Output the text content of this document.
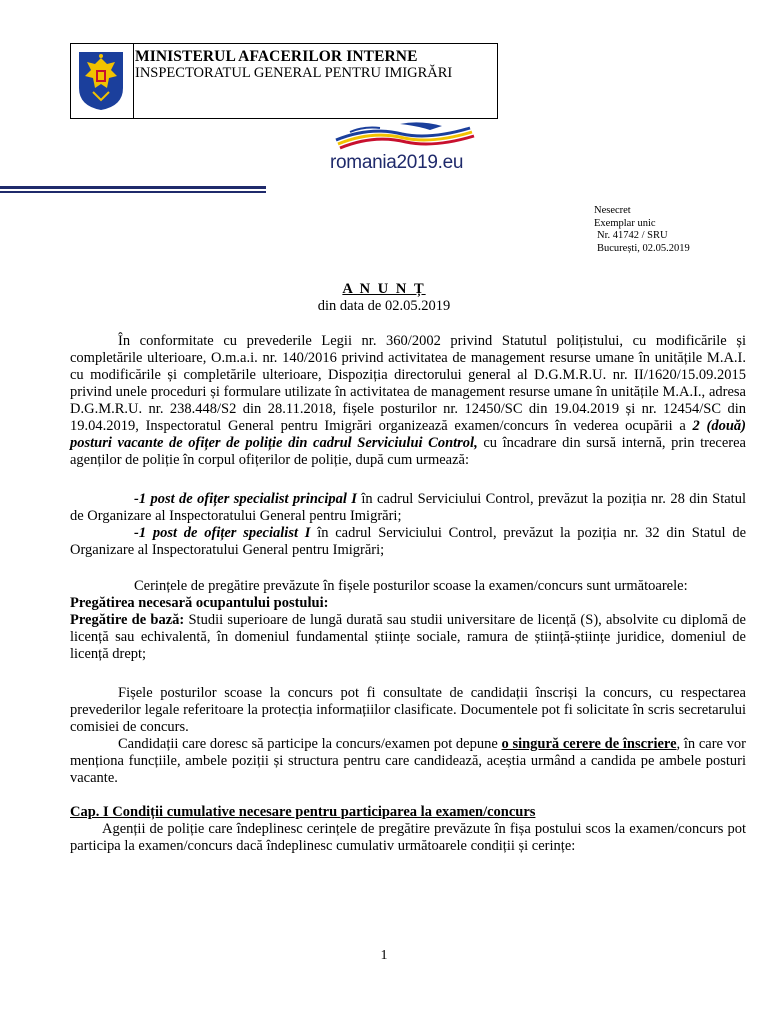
MINISTERUL AFACERILOR INTERNE
INSPECTORATUL GENERAL PENTRU IMIGRĂRI
romania2019.eu
Nesecret
Exemplar unic
Nr. 41742 / SRU
București, 02.05.2019
A N U N Ț
din data de 02.05.2019

În conformitate cu prevederile Legii nr. 360/2002 privind Statutul polițistului, cu modificările și completările ulterioare, O.m.a.i. nr. 140/2016 privind activitatea de management resurse umane în unitățile M.A.I. cu modificările și completările ulterioare, Dispoziția directorului general al D.G.M.R.U. nr. II/1620/15.09.2015 privind unele proceduri și formulare utilizate în activitatea de management resurse umane în unitățile M.A.I., adresa D.G.M.R.U. nr. 238.448/S2 din 28.11.2018, fișele posturilor nr. 12450/SC din 19.04.2019 și nr. 12454/SC din 19.04.2019, Inspectoratul General pentru Imigrări organizează examen/concurs în vederea ocupării a 2 (două) posturi vacante de ofițer de poliție din cadrul Serviciului Control, cu încadrare din sursă internă, prin trecerea agenților de poliție în corpul ofițerilor de poliție, după cum urmează:

-1 post de ofițer specialist principal I în cadrul Serviciului Control, prevăzut la poziția nr. 28 din Statul de Organizare al Inspectoratului General pentru Imigrări;

-1 post de ofițer specialist I în cadrul Serviciului Control, prevăzut la poziția nr. 32 din Statul de Organizare al Inspectoratului General pentru Imigrări;

Cerințele de pregătire prevăzute în fișele posturilor scoase la examen/concurs sunt următoarele:

Pregătirea necesară ocupantului postului:

Pregătire de bază: Studii superioare de lungă durată sau studii universitare de licență (S), absolvite cu diplomă de licență sau echivalentă, în domeniul fundamental științe sociale, ramura de știință-științe juridice, domeniul de licență drept;

Fișele posturilor scoase la concurs pot fi consultate de candidații înscriși la concurs, cu respectarea prevederilor legale referitoare la protecția informațiilor clasificate. Documentele pot fi solicitate în scris secretarului comisiei de concurs.

Candidații care doresc să participe la concurs/examen pot depune o singură cerere de înscriere, în care vor menționa funcțiile, ambele poziții și structura pentru care candidează, aceștia urmând a candida pe ambele posturi vacante.

Cap. I Condiții cumulative necesare pentru participarea la examen/concurs

Agenții de poliție care îndeplinesc cerințele de pregătire prevăzute în fișa postului scos la examen/concurs pot participa la examen/concurs dacă îndeplinesc cumulativ următoarele condiții și cerințe:

1
